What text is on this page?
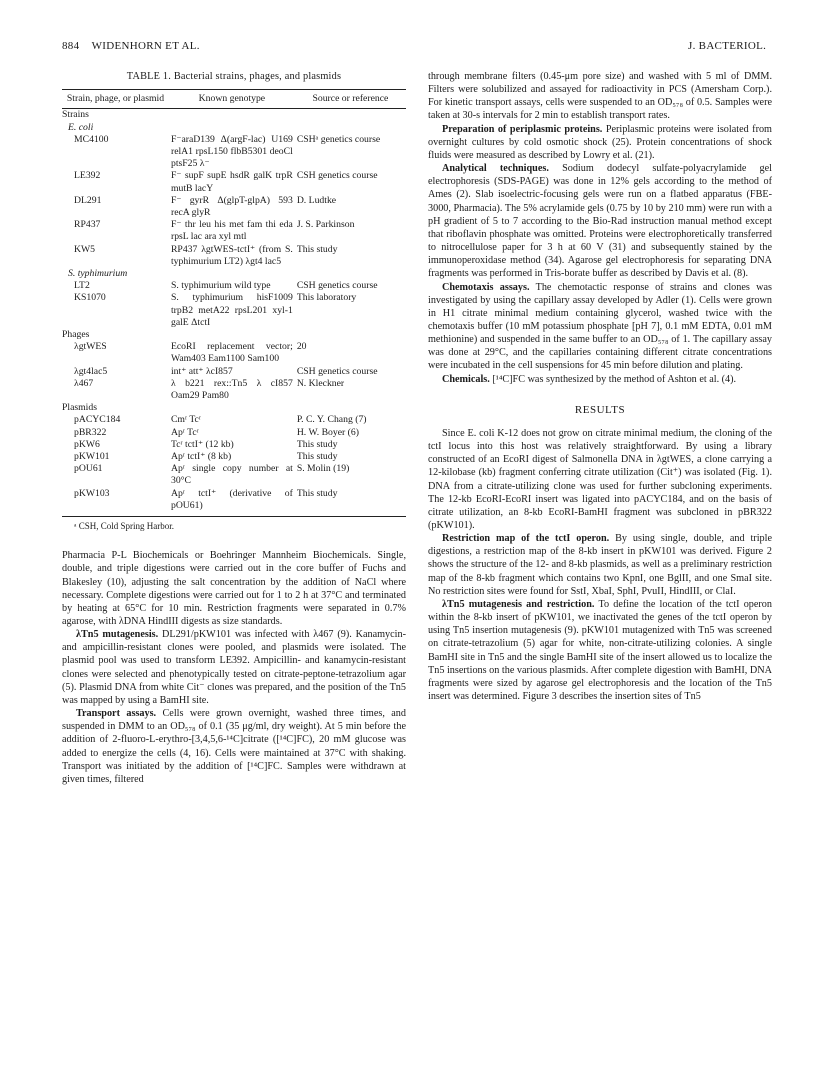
884 WIDENHORN ET AL.	J. BACTERIOL.
TABLE 1. Bacterial strains, phages, and plasmids
Strain, phage, or plasmid	Known genotype	Source or reference
Strains		
E. coli		
MC4100	F⁻araD139 Δ(argF-lac) U169 relA1 rpsL150 flbB5301 deoCl ptsF25 λ⁻	CSHᵃ genetics course
LE392	F⁻ supF supE hsdR galK trpR mutB lacY	CSH genetics course
DL291	F⁻ gyrR Δ(glpT-glpA) 593 recA glyR	D. Ludtke
RP437	F⁻ thr leu his met fam thi eda rpsL lac ara xyl mtl	J. S. Parkinson
KW5	RP437 λgtWES-tctI⁺ (from S. typhimurium LT2) λgt4 lac5	This study
S. typhimurium		
LT2	S. typhimurium wild type	CSH genetics course
KS1070	S. typhimurium hisF1009 trpB2 metA22 rpsL201 xyl-1 galE ΔtctI	This laboratory
Phages		
λgtWES	EcoRI replacement vector; Wam403 Eam1100 Sam100	20
λgt4lac5	int⁺ att⁺ λcI857	CSH genetics course
λ467	λ b221 rex::Tn5 λ cI857 Oam29 Pam80	N. Kleckner
Plasmids		
pACYC184	Cmʳ Tcʳ	P. C. Y. Chang (7)
pBR322	Apʳ Tcʳ	H. W. Boyer (6)
pKW6	Tcʳ tctI⁺ (12 kb)	This study
pKW101	Apʳ tctI⁺ (8 kb)	This study
pOU61	Apʳ single copy number at 30°C	S. Molin (19)
pKW103	Apʳ tctI⁺ (derivative of pOU61)	This study
ᵃ CSH, Cold Spring Harbor.

Pharmacia P-L Biochemicals or Boehringer Mannheim Biochemicals. Single, double, and triple digestions were carried out in the core buffer of Fuchs and Blakesley (10), adjusting the salt concentration by the addition of NaCl where necessary. Complete digestions were carried out for 1 to 2 h at 37°C and terminated by heating at 65°C for 10 min. Restriction fragments were separated in 0.7% agarose, with λDNA HindIII digests as size standards.

λTn5 mutagenesis. DL291/pKW101 was infected with λ467 (9). Kanamycin- and ampicillin-resistant clones were pooled, and plasmids were isolated. The plasmid pool was used to transform LE392. Ampicillin- and kanamycin-resistant clones were selected and phenotypically tested on citrate-peptone-tetrazolium agar (5). Plasmid DNA from white Cit⁻ clones was prepared, and the position of the Tn5 was mapped by using a BamHI site.

Transport assays. Cells were grown overnight, washed three times, and suspended in DMM to an OD₅₇₈ of 0.1 (35 μg/ml, dry weight). At 5 min before the addition of 2-fluoro-L-erythro-[3,4,5,6-¹⁴C]citrate ([¹⁴C]FC), 20 mM glucose was added to energize the cells (4, 16). Cells were maintained at 37°C with shaking. Transport was initiated by the addition of [¹⁴C]FC. Samples were withdrawn at given times, filtered

through membrane filters (0.45-μm pore size) and washed with 5 ml of DMM. Filters were solubilized and assayed for radioactivity in PCS (Amersham Corp.). For kinetic transport assays, cells were suspended to an OD₅₇₈ of 0.5. Samples were taken at 30-s intervals for 2 min to establish transport rates.

Preparation of periplasmic proteins. Periplasmic proteins were isolated from overnight cultures by cold osmotic shock (25). Protein concentrations of shock fluids were measured as described by Lowry et al. (21).

Analytical techniques. Sodium dodecyl sulfate-polyacrylamide gel electrophoresis (SDS-PAGE) was done in 12% gels according to the method of Ames (2). Slab isoelectric-focusing gels were run on a flatbed apparatus (FBE-3000, Pharmacia). The 5% acrylamide gels (0.75 by 10 by 210 mm) were run with a pH gradient of 5 to 7 according to the Bio-Rad instruction manual method except that riboflavin phosphate was omitted. Proteins were electrophoretically transferred to nitrocellulose paper for 3 h at 60 V (31) and subsequently stained by the immunoperoxidase method (34). Agarose gel electrophoresis for separating DNA fragments was performed in Tris-borate buffer as described by Davis et al. (8).

Chemotaxis assays. The chemotactic response of strains and clones was investigated by using the capillary assay developed by Adler (1). Cells were grown in H1 citrate minimal medium containing glycerol, washed twice with the chemotaxis buffer (10 mM potassium phosphate [pH 7], 0.1 mM EDTA, 0.01 mM methionine) and suspended in the same buffer to an OD₅₇₈ of 1. The capillary assay was done at 29°C, and the capillaries containing different citrate concentrations were incubated in the cell suspensions for 45 min before dilution and plating.

Chemicals. [¹⁴C]FC was synthesized by the method of Ashton et al. (4).

RESULTS

Since E. coli K-12 does not grow on citrate minimal medium, the cloning of the tctI locus into this host was relatively straightforward. By using a library constructed of an EcoRI digest of Salmonella DNA in λgtWES, a clone carrying a 12-kilobase (kb) fragment conferring citrate utilization (Cit⁺) was isolated (Fig. 1). DNA from a citrate-utilizing clone was used for further subcloning experiments. The 12-kb EcoRI-EcoRI insert was ligated into pACYC184, and on the basis of citrate utilization, an 8-kb EcoRI-BamHI fragment was subcloned in pBR322 (pKW101).

Restriction map of the tctI operon. By using single, double, and triple digestions, a restriction map of the 8-kb insert in pKW101 was derived. Figure 2 shows the structure of the 12- and 8-kb plasmids, as well as a preliminary restriction map of the 8-kb fragment which contains two KpnI, one BglII, and one SmaI site. No restriction sites were found for SstI, XbaI, SphI, PvuII, HindIII, or ClaI.

λTn5 mutagenesis and restriction. To define the location of the tctI operon within the 8-kb insert of pKW101, we inactivated the genes of the tctI operon by using Tn5 insertion mutagenesis (9). pKW101 mutagenized with Tn5 was screened on citrate-tetrazolium (5) agar for white, non-citrate-utilizing colonies. A single BamHI site in Tn5 and the single BamHI site of the insert allowed us to localize the Tn5 insertions on the various plasmids. After complete digestion with BamHI, DNA fragments were sized by agarose gel electrophoresis and the location of the Tn5 insert was determined. Figure 3 describes the insertion sites of Tn5
